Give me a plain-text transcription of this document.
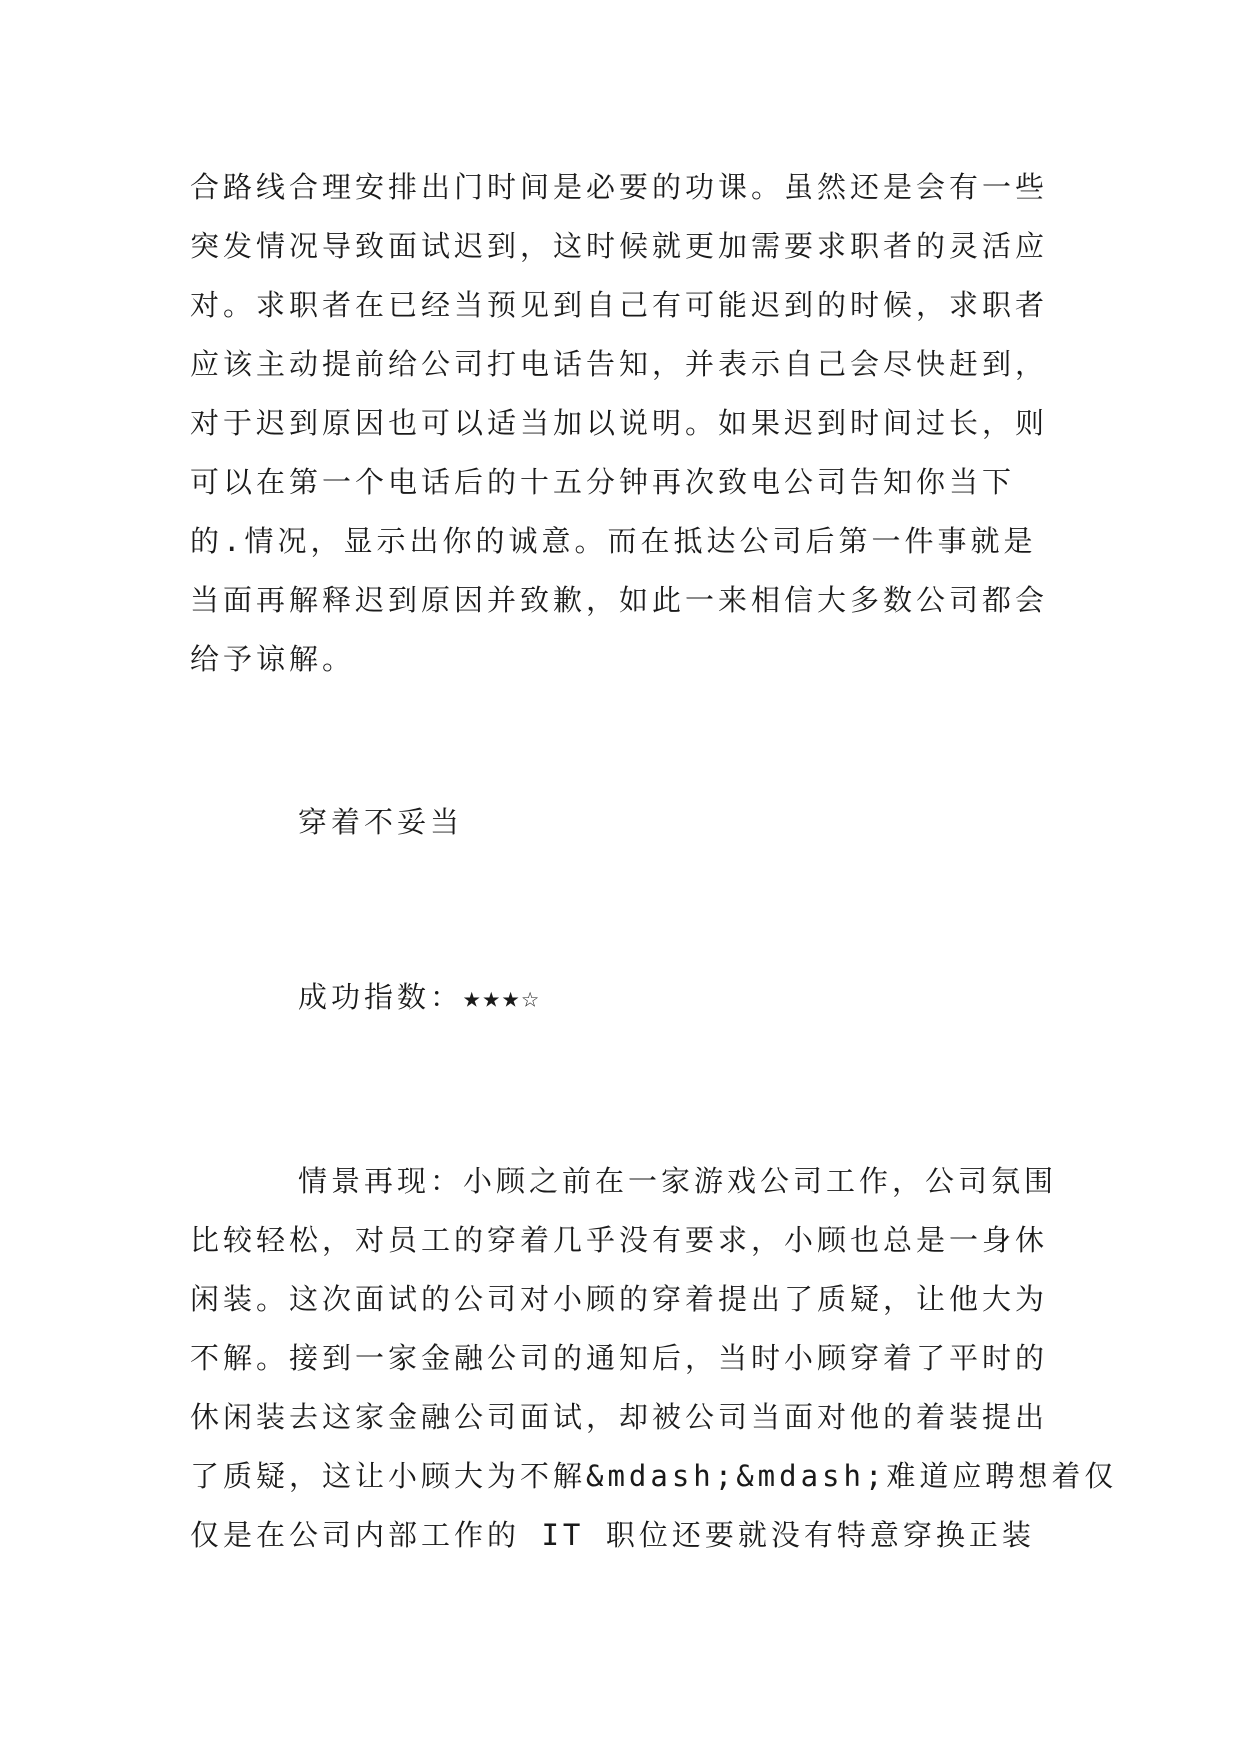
合路线合理安排出门时间是必要的功课。虽然还是会有一些
突发情况导致面试迟到，这时候就更加需要求职者的灵活应
对。求职者在已经当预见到自己有可能迟到的时候，求职者
应该主动提前给公司打电话告知，并表示自己会尽快赶到，
对于迟到原因也可以适当加以说明。如果迟到时间过长，则
可以在第一个电话后的十五分钟再次致电公司告知你当下
的.情况，显示出你的诚意。而在抵达公司后第一件事就是
当面再解释迟到原因并致歉，如此一来相信大多数公司都会
给予谅解。

穿着不妥当

成功指数：★★★☆

情景再现：小顾之前在一家游戏公司工作，公司氛围
比较轻松，对员工的穿着几乎没有要求，小顾也总是一身休
闲装。这次面试的公司对小顾的穿着提出了质疑，让他大为
不解。接到一家金融公司的通知后，当时小顾穿着了平时的
休闲装去这家金融公司面试，却被公司当面对他的着装提出
了质疑，这让小顾大为不解&mdash;&mdash;难道应聘想着仅
仅是在公司内部工作的 IT 职位还要就没有特意穿换正装
